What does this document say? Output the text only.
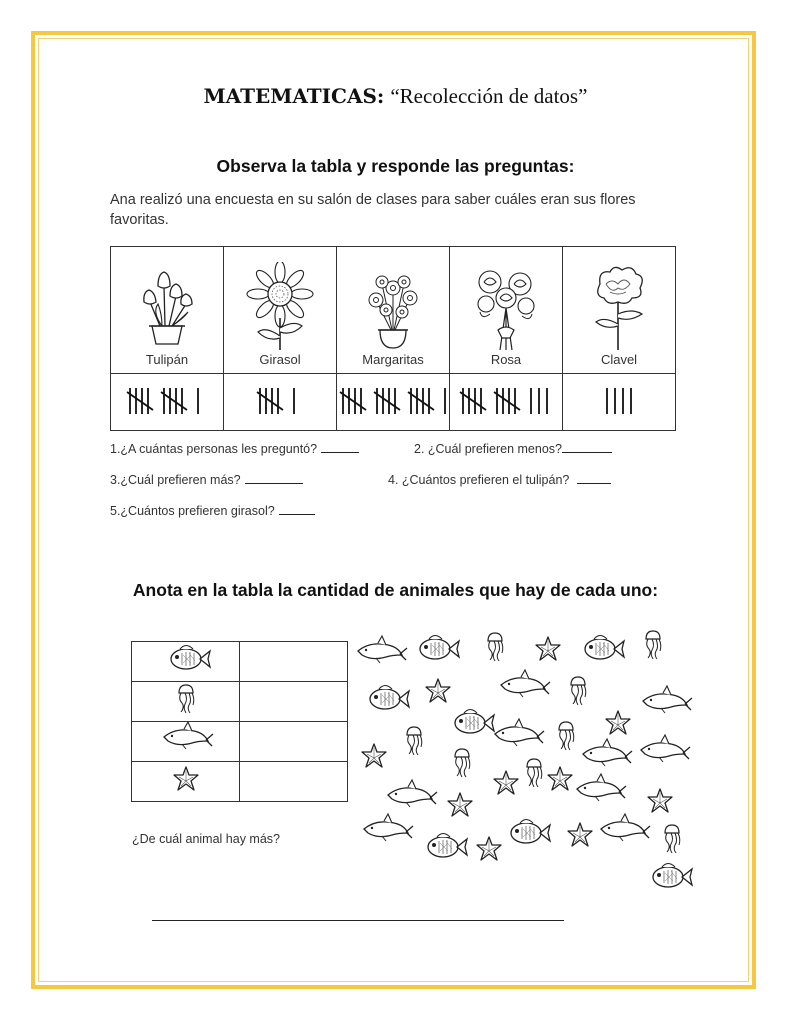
MATEMATICAS: “Recolección de datos”
Observa la tabla y responde las preguntas:
Ana realizó una encuesta en su salón de clases para saber cuáles eran sus flores favoritas.
Tulipán	Girasol	Margaritas	Rosa	Clavel

1.¿A cuántas personas les preguntó?	2. ¿Cuál prefieren menos?
3.¿Cuál prefieren más?	4. ¿Cuántos prefieren el tulipán?
5.¿Cuántos prefieren girasol?
Anota en la tabla la cantidad de animales que hay de cada uno:

¿De cuál animal hay más?
